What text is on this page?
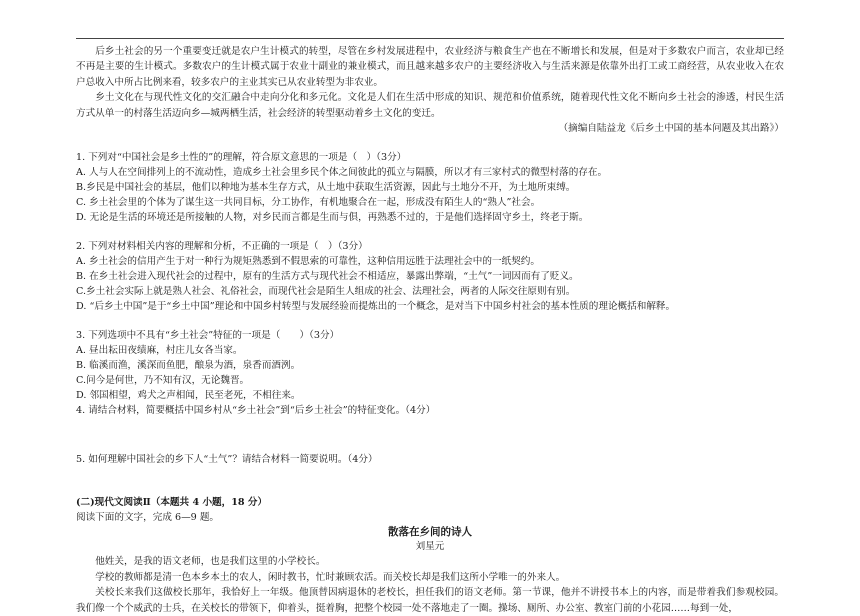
后乡土社会的另一个重要变迁就是农户生计模式的转型，尽管在乡村发展进程中，农业经济与粮食生产也在不断增长和发展，但是对于多数农户而言，农业却已经不再是主要的生计模式。多数农户的生计模式属于农业十副业的兼业模式，而且越来越多农户的主要经济收入与生活来源是依靠外出打工或工商经营，从农业收入在农户总收入中所占比例来看，较多农户的主业其实已从农业转型为非农业。

乡土文化在与现代性文化的交汇融合中走向分化和多元化。文化是人们在生活中形成的知识、规范和价值系统，随着现代性文化不断向乡土社会的渗透，村民生活方式从单一的村落生活迈向乡—城两栖生活，社会经济的转型驱动着乡土文化的变迁。

（摘编自陆益龙《后乡土中国的基本问题及其出路》）

1. 下列对“中国社会是乡土性的”的理解，符合原文意思的一项是（　）（3分）

A. 人与人在空间排列上的不流动性，造成乡土社会里乡民个体之间彼此的孤立与隔膜，所以才有三家村式的微型村落的存在。

B.乡民是中国社会的基层，他们以种地为基本生存方式，从土地中获取生活资源，因此与土地分不开，为土地所束缚。

C. 乡土社会里的个体为了谋生这一共同目标，分工协作，有机地聚合在一起，形成没有陌生人的“熟人”社会。

D. 无论是生活的环境还是所接触的人物，对乡民而言都是生而与俱，再熟悉不过的，于是他们选择固守乡土，终老于斯。

2. 下列对材料相关内容的理解和分析，不正确的一项是（　）（3分）

A. 乡土社会的信用产生于对一种行为规矩熟悉到不假思索的可靠性，这种信用远胜于法理社会中的一纸契约。

B. 在乡土社会进入现代社会的过程中，原有的生活方式与现代社会不相适应，暴露出弊端，“土气”一词因而有了贬义。

C.乡土社会实际上就是熟人社会、礼俗社会，而现代社会是陌生人组成的社会、法理社会，两者的人际交往原则有别。

D. “后乡土中国”是于“乡土中国”理论和中国乡村转型与发展经验而提炼出的一个概念，是对当下中国乡村社会的基本性质的理论概括和解释。

3. 下列选项中不具有“乡土社会”特征的一项是（　　）（3分）

A. 昼出耘田夜绩麻，村庄儿女各当家。

B. 临溪而渔，溪深而鱼肥，酿泉为酒，泉香而酒洌。

C.问今是何世，乃不知有汉，无论魏晋。

D. 邻国相望，鸡犬之声相闻，民至老死，不相往来。

4. 请结合材料，简要概括中国乡村从“乡土社会”到“后乡土社会”的特征变化。（4分）

5. 如何理解中国社会的乡下人“土气”？请结合材料一简要说明。（4分）

(二)现代文阅读Ⅱ（本题共 4 小题，18 分）

阅读下面的文字，完成 6—9 题。

散落在乡间的诗人

刘星元

他姓关，是我的语文老师，也是我们这里的小学校长。

学校的教师都是清一色本乡本土的农人，闲时教书，忙时兼顾农活。而关校长却是我们这所小学唯一的外来人。

关校长来我们这做校长那年，我恰好上一年级。他顶替因病退休的老校长，担任我们的语文老师。第一节课，他并不讲授书本上的内容，而是带着我们参观校园。我们像一个个威武的士兵，在关校长的带领下，仰着头，挺着胸，把整个校园一处不落地走了一圈。操场、厕所、办公室、教室门前的小花园……每到一处，
